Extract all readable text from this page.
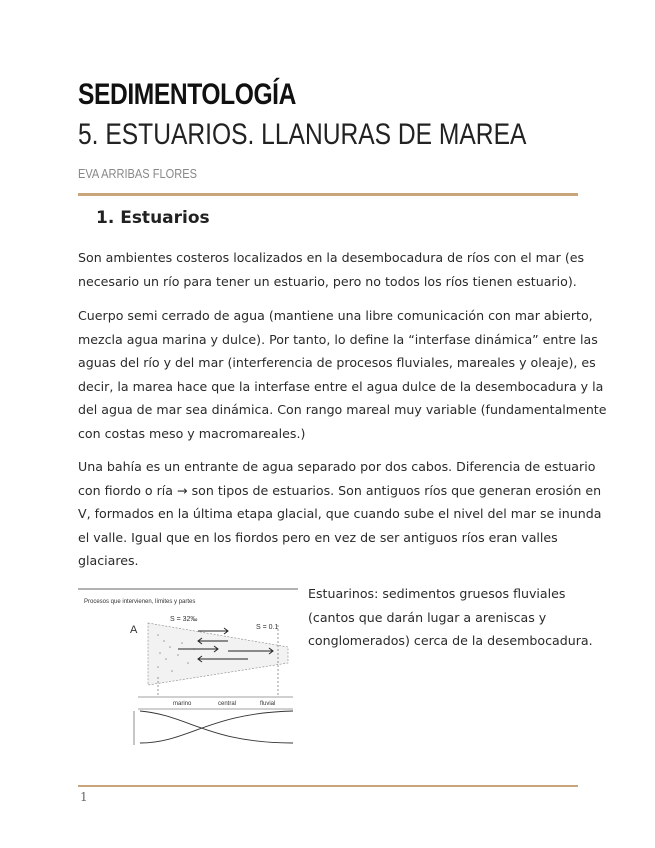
SEDIMENTOLOGÍA
5. ESTUARIOS. LLANURAS DE MAREA
EVA ARRIBAS FLORES
1. Estuarios
Son ambientes costeros localizados en la desembocadura de ríos con el mar (es
necesario un río para tener un estuario, pero no todos los ríos tienen estuario).
Cuerpo semi cerrado de agua (mantiene una libre comunicación con mar abierto,
mezcla agua marina y dulce). Por tanto, lo define la “interfase dinámica” entre las
aguas del río y del mar (interferencia de procesos fluviales, mareales y oleaje), es
decir, la marea hace que la interfase entre el agua dulce de la desembocadura y la
del agua de mar sea dinámica. Con rango mareal muy variable (fundamentalmente
con costas meso y macromareales.)
Una bahía es un entrante de agua separado por dos cabos. Diferencia de estuario
con fiordo o ría → son tipos de estuarios. Son antiguos ríos que generan erosión en
V, formados en la última etapa glacial, que cuando sube el nivel del mar se inunda
el valle. Igual que en los fiordos pero en vez de ser antiguos ríos eran valles
glaciares.
Procesos que intervienen, límites y partes
A
S = 32‰
S = 0.1
marino	central	fluvial
Estuarinos: sedimentos gruesos fluviales
(cantos que darán lugar a areniscas y
conglomerados) cerca de la desembocadura.
1
